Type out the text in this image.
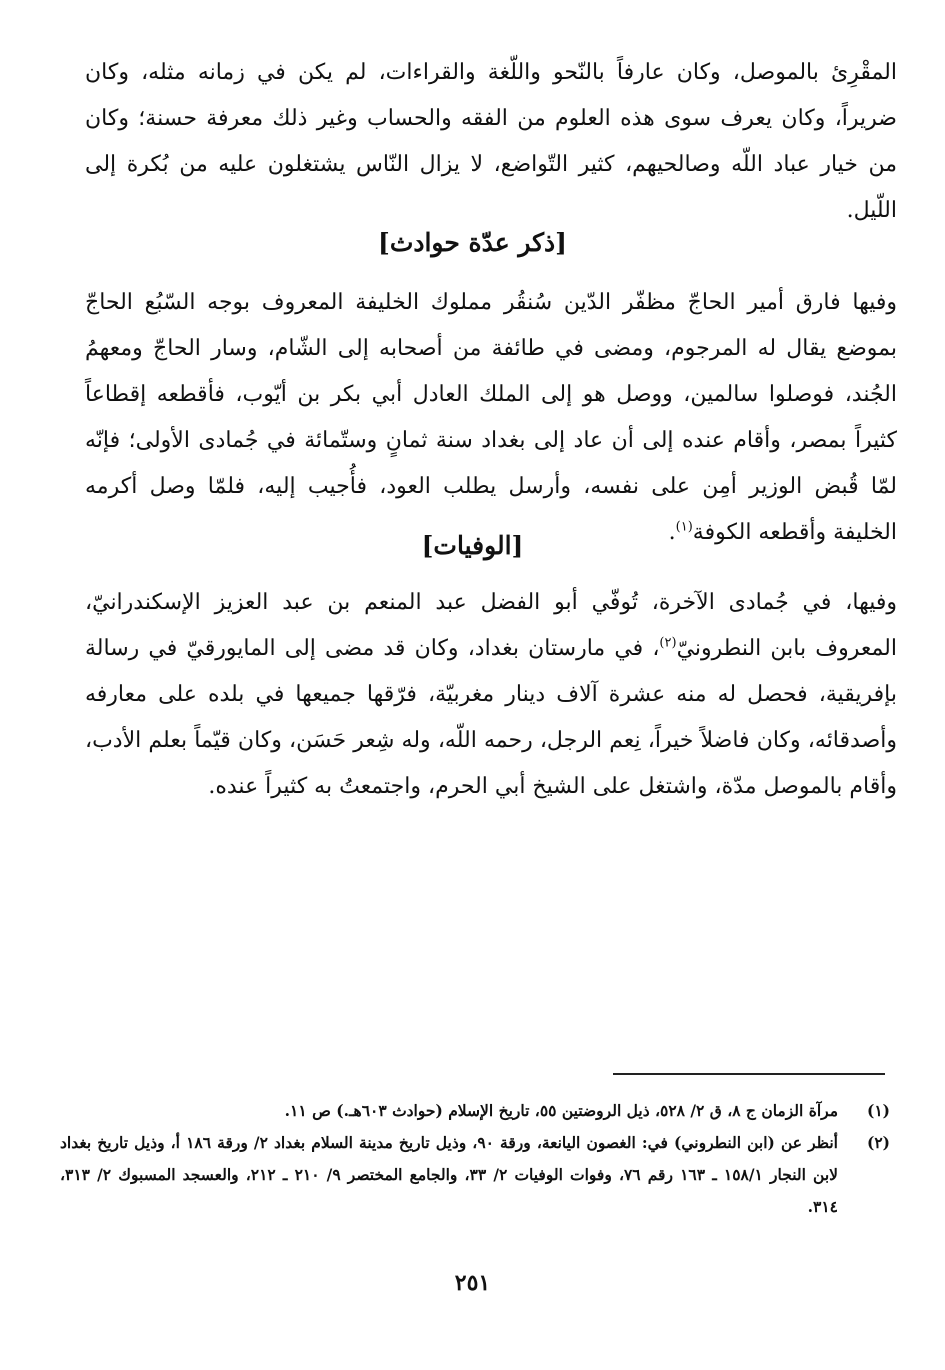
المقْرِئ بالموصل، وكان عارفاً بالنّحو واللّغة والقراءات، لم يكن في زمانه مثله، وكان ضريراً، وكان يعرف سوى هذه العلوم من الفقه والحساب وغير ذلك معرفة حسنة؛ وكان من خيار عباد اللّه وصالحيهم، كثير التّواضع، لا يزال النّاس يشتغلون عليه من بُكرة إلى اللّيل.
[ذكر عدّة حوادث]
وفيها فارق أمير الحاجّ مظفّر الدّين سُنقُر مملوك الخليفة المعروف بوجه السّبُع الحاجّ بموضع يقال له المرجوم، ومضى في طائفة من أصحابه إلى الشّام، وسار الحاجّ ومعهمُ الجُند، فوصلوا سالمين، ووصل هو إلى الملك العادل أبي بكر بن أيّوب، فأقطعه إقطاعاً كثيراً بمصر، وأقام عنده إلى أن عاد إلى بغداد سنة ثمانٍ وستّمائة في جُمادى الأولى؛ فإنّه لمّا قُبض الوزير أمِن على نفسه، وأرسل يطلب العود، فأُجيب إليه، فلمّا وصل أكرمه الخليفة وأقطعه الكوفة$^{(١)}$.
[الوفيات]
وفيها، في جُمادى الآخرة، تُوفّي أبو الفضل عبد المنعم بن عبد العزيز الإسكندرانيّ، المعروف بابن النطرونيّ$^{(٢)}$، في مارستان بغداد، وكان قد مضى إلى المايورقيّ في رسالة بإفريقية، فحصل له منه عشرة آلاف دينار مغربيّة، فرّقها جميعها في بلده على معارفه وأصدقائه، وكان فاضلاً خيراً، نِعم الرجل، رحمه اللّه، وله شِعر حَسَن، وكان قيّماً بعلم الأدب، وأقام بالموصل مدّة، واشتغل على الشيخ أبي الحرم، واجتمعتُ به كثيراً عنده.
(١)
مرآة الزمان ج ٨، ق ٢/ ٥٢٨، ذيل الروضتين ٥٥، تاريخ الإسلام (حوادث ٦٠٣هـ.) ص ١١.
(٢)
أنظر عن (ابن النطروني) في: الغصون اليانعة، ورقة ٩٠، وذيل تاريخ مدينة السلام بغداد ٢/ ورقة ١٨٦ أ، وذيل تاريخ بغداد لابن النجار ١٥٨/١ ـ ١٦٣ رقم ٧٦، وفوات الوفيات ٢/ ٣٣، والجامع المختصر ٩/ ٢١٠ ـ ٢١٢، والعسجد المسبوك ٢/ ٣١٣، ٣١٤.
٢٥١
